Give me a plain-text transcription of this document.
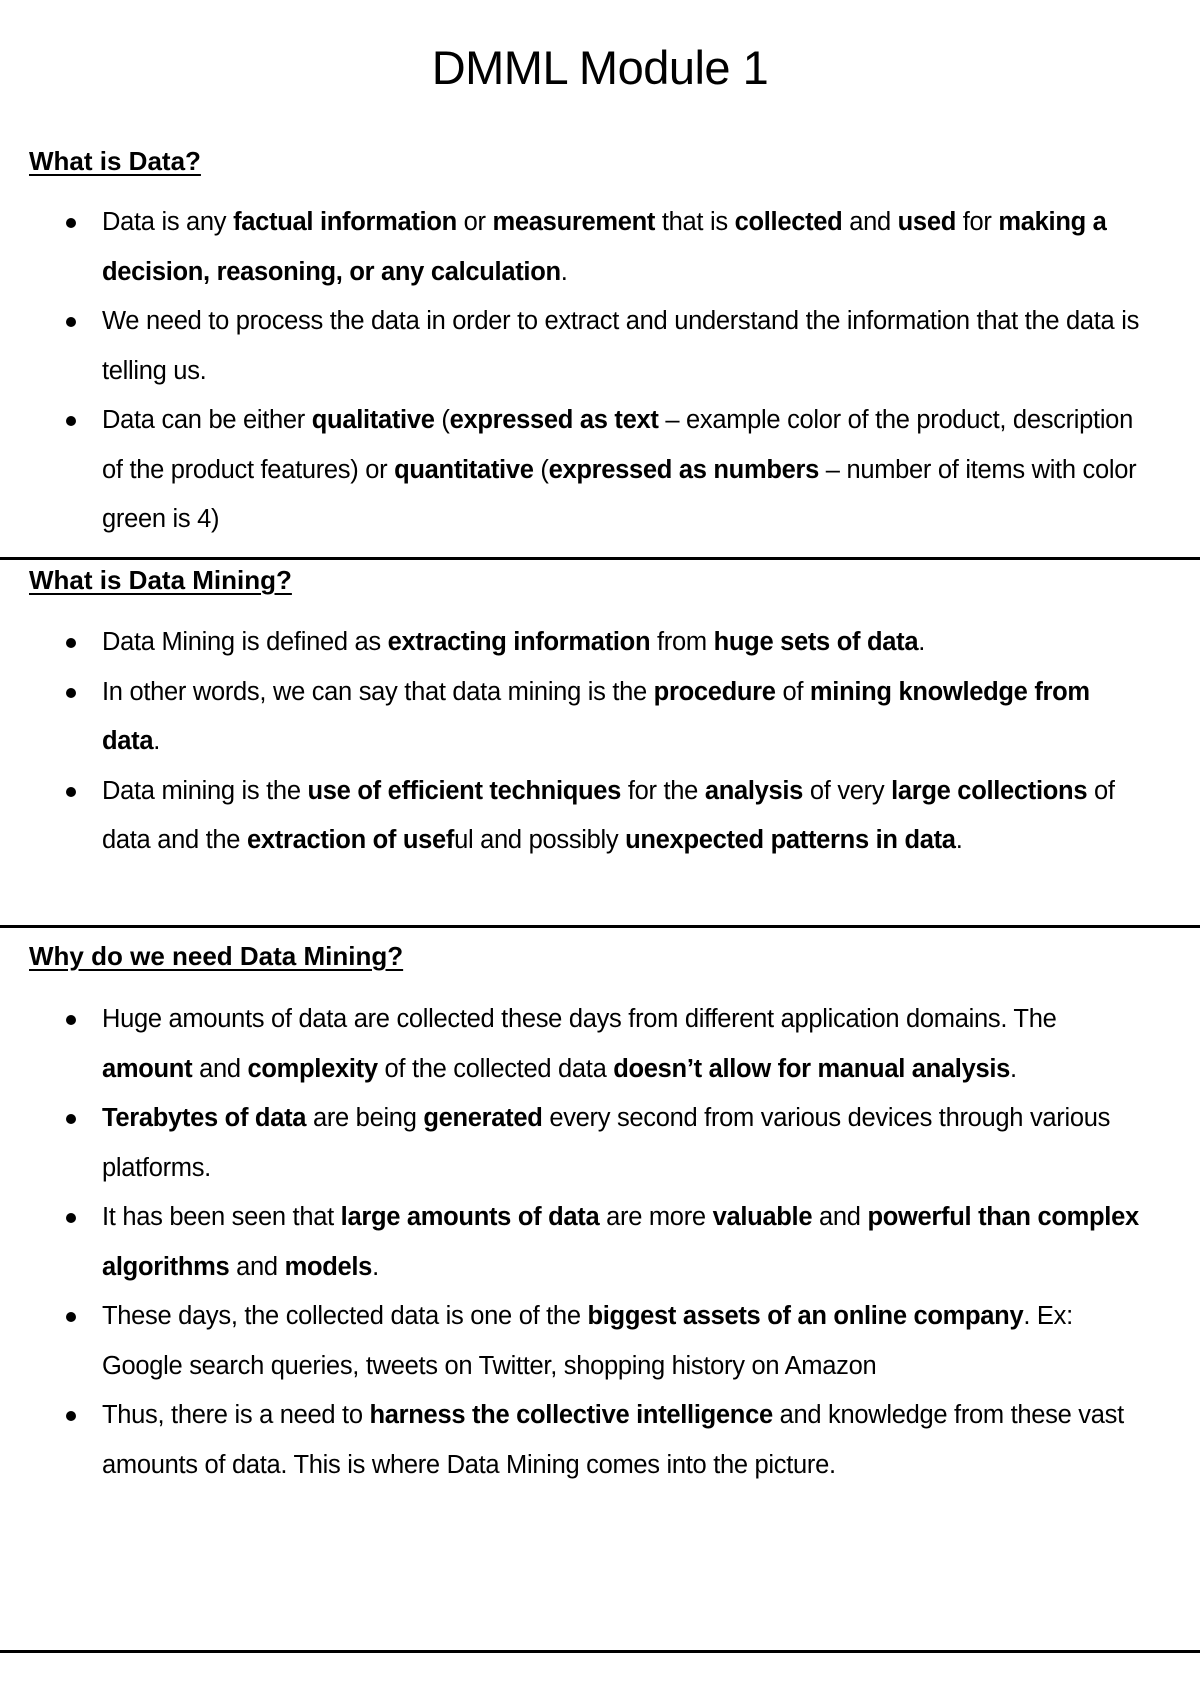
DMML Module 1
What is Data?
Data is any factual information or measurement that is collected and used for making a decision, reasoning, or any calculation.
We need to process the data in order to extract and understand the information that the data is telling us.
Data can be either qualitative (expressed as text – example color of the product, description of the product features) or quantitative (expressed as numbers – number of items with color green is 4)
What is Data Mining?
Data Mining is defined as extracting information from huge sets of data.
In other words, we can say that data mining is the procedure of mining knowledge from data.
Data mining is the use of efficient techniques for the analysis of very large collections of data and the extraction of useful and possibly unexpected patterns in data.
Why do we need Data Mining?
Huge amounts of data are collected these days from different application domains. The amount and complexity of the collected data doesn’t allow for manual analysis.
Terabytes of data are being generated every second from various devices through various platforms.
It has been seen that large amounts of data are more valuable and powerful than complex algorithms and models.
These days, the collected data is one of the biggest assets of an online company. Ex: Google search queries, tweets on Twitter, shopping history on Amazon
Thus, there is a need to harness the collective intelligence and knowledge from these vast amounts of data. This is where Data Mining comes into the picture.
